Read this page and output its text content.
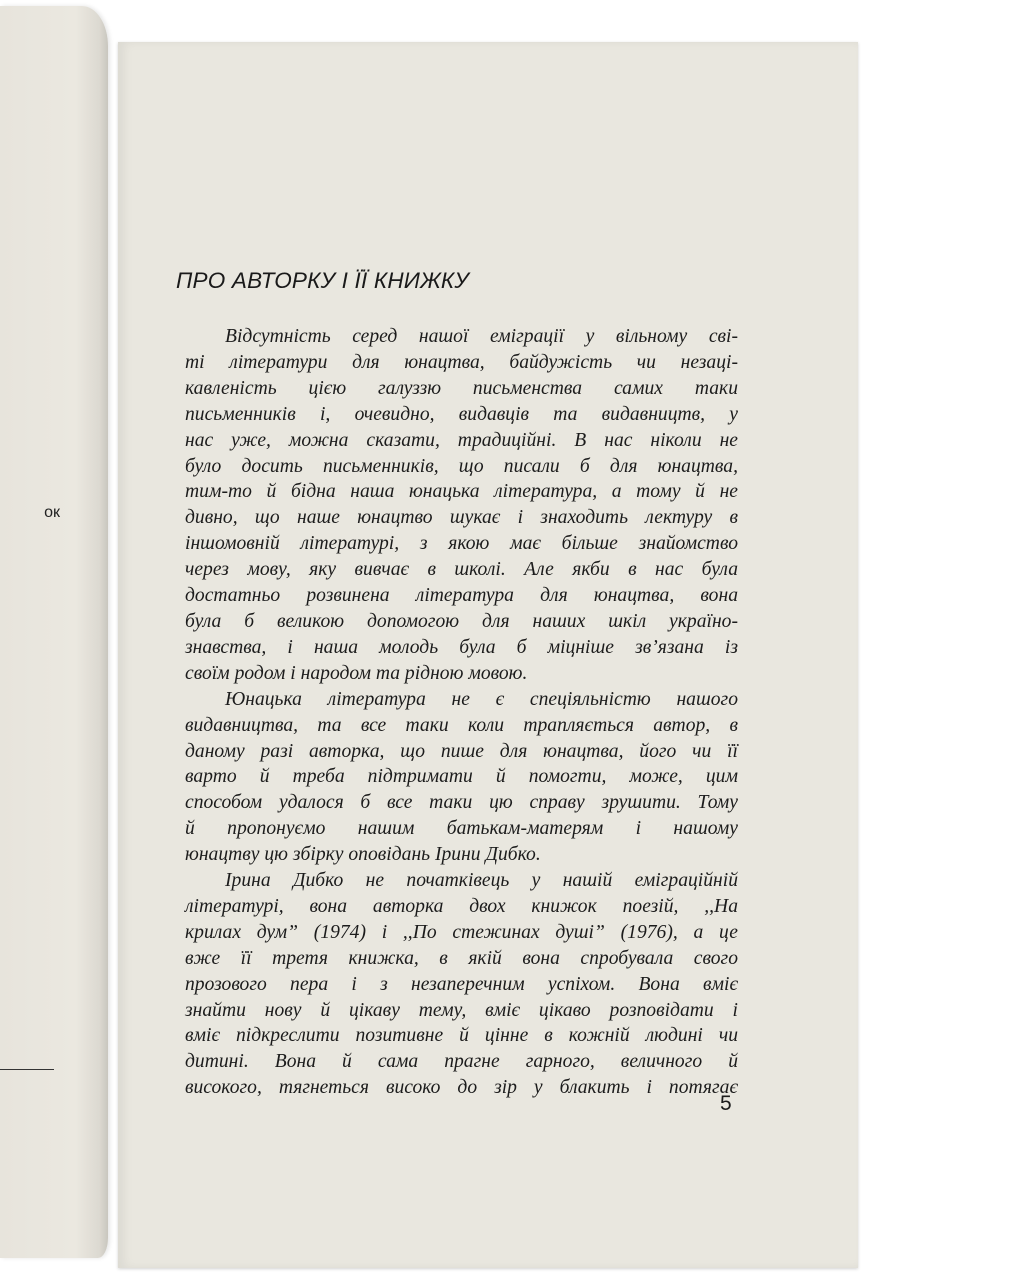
ок
ПРО АВТОРКУ І ЇЇ КНИЖКУ
Відсутність серед нашої еміграції у вільному сві-
ті літератури для юнацтва, байдужість чи незаці-
кавленість цією галуззю письменства самих таки
письменників і, очевидно, видавців та видавництв, у
нас уже, можна сказати, традиційні. В нас ніколи не
було досить письменників, що писали б для юнацтва,
тим-то й бідна наша юнацька література, а тому й не
дивно, що наше юнацтво шукає і знаходить лектуру в
іншомовній літературі, з якою має більше знайомство
через мову, яку вивчає в школі. Але якби в нас була
достатньо розвинена література для юнацтва, вона
була б великою допомогою для наших шкіл україно-
знавства, і наша молодь була б міцніше зв’язана із
своїм родом і народом та рідною мовою.
Юнацька література не є спеціяльністю нашого
видавництва, та все таки коли трапляється автор, в
даному разі авторка, що пише для юнацтва, його чи її
варто й треба підтримати й помогти, може, цим
способом удалося б все таки цю справу зрушити. Тому
й пропонуємо нашим батькам-матерям і нашому
юнацтву цю збірку оповідань Ірини Дибко.
Ірина Дибко не початківець у нашій еміграційній
літературі, вона авторка двох книжок поезій, ,,На
крилах дум” (1974) і ,,По стежинах душі” (1976), а це
вже її третя книжка, в якій вона спробувала свого
прозового пера і з незаперечним успіхом. Вона вміє
знайти нову й цікаву тему, вміє цікаво розповідати і
вміє підкреслити позитивне й цінне в кожній людині чи
дитині. Вона й сама прагне гарного, величного й
високого, тягнеться високо до зір у блакить і потягає
5
